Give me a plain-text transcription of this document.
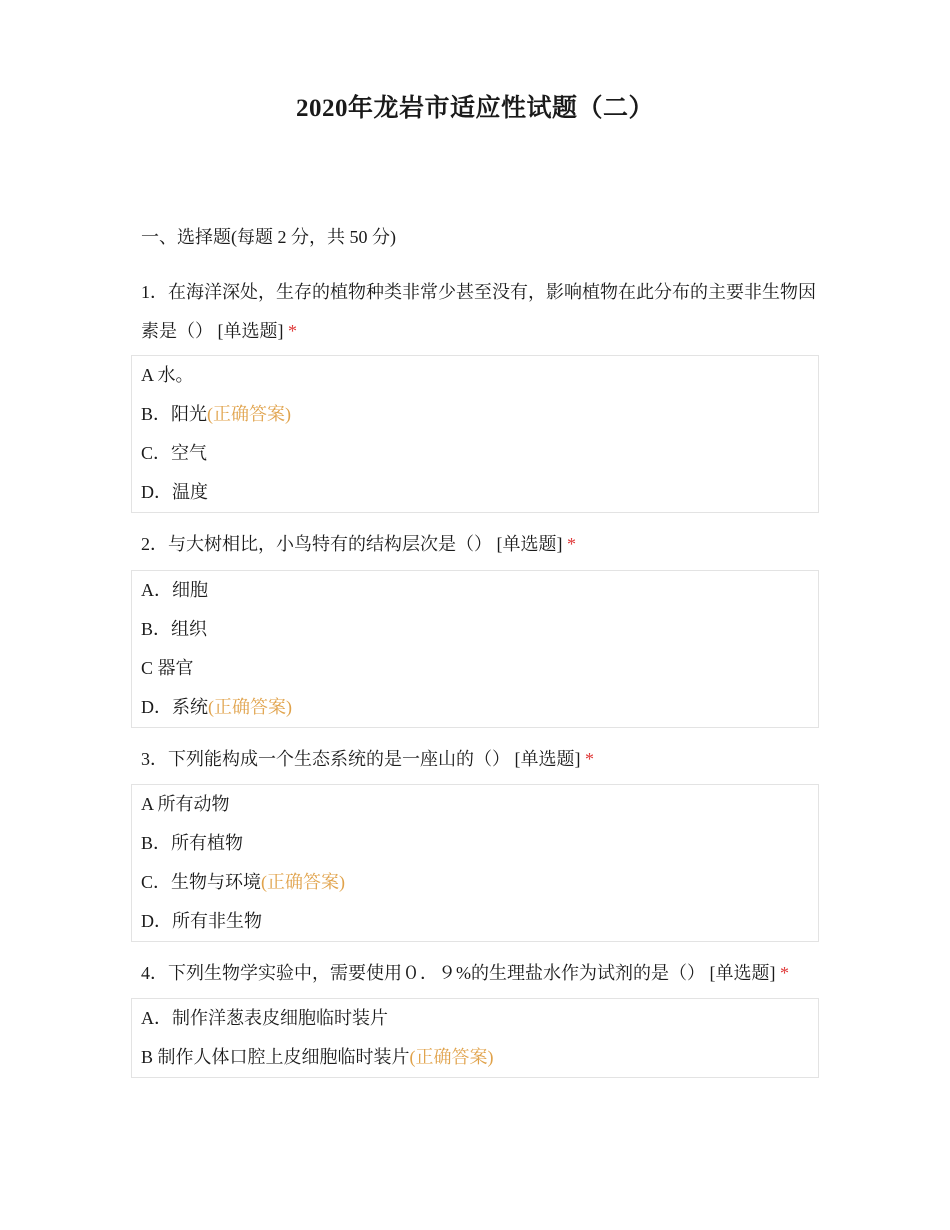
2020年龙岩市适应性试题（二）
一、选择题(每题 2 分，共 50 分)
1．在海洋深处，生存的植物种类非常少甚至没有，影响植物在此分布的主要非生物因素是（） [单选题] *
A 水。
B．阳光(正确答案)
C．空气
D．温度
2．与大树相比，小鸟特有的结构层次是（） [单选题] *
A．细胞
B．组织
C 器官
D．系统(正确答案)
3．下列能构成一个生态系统的是一座山的（） [单选题] *
A 所有动物
B．所有植物
C．生物与环境(正确答案)
D．所有非生物
4．下列生物学实验中，需要使用０．９%的生理盐水作为试剂的是（） [单选题] *
A．制作洋葱表皮细胞临时装片
B 制作人体口腔上皮细胞临时装片(正确答案)
